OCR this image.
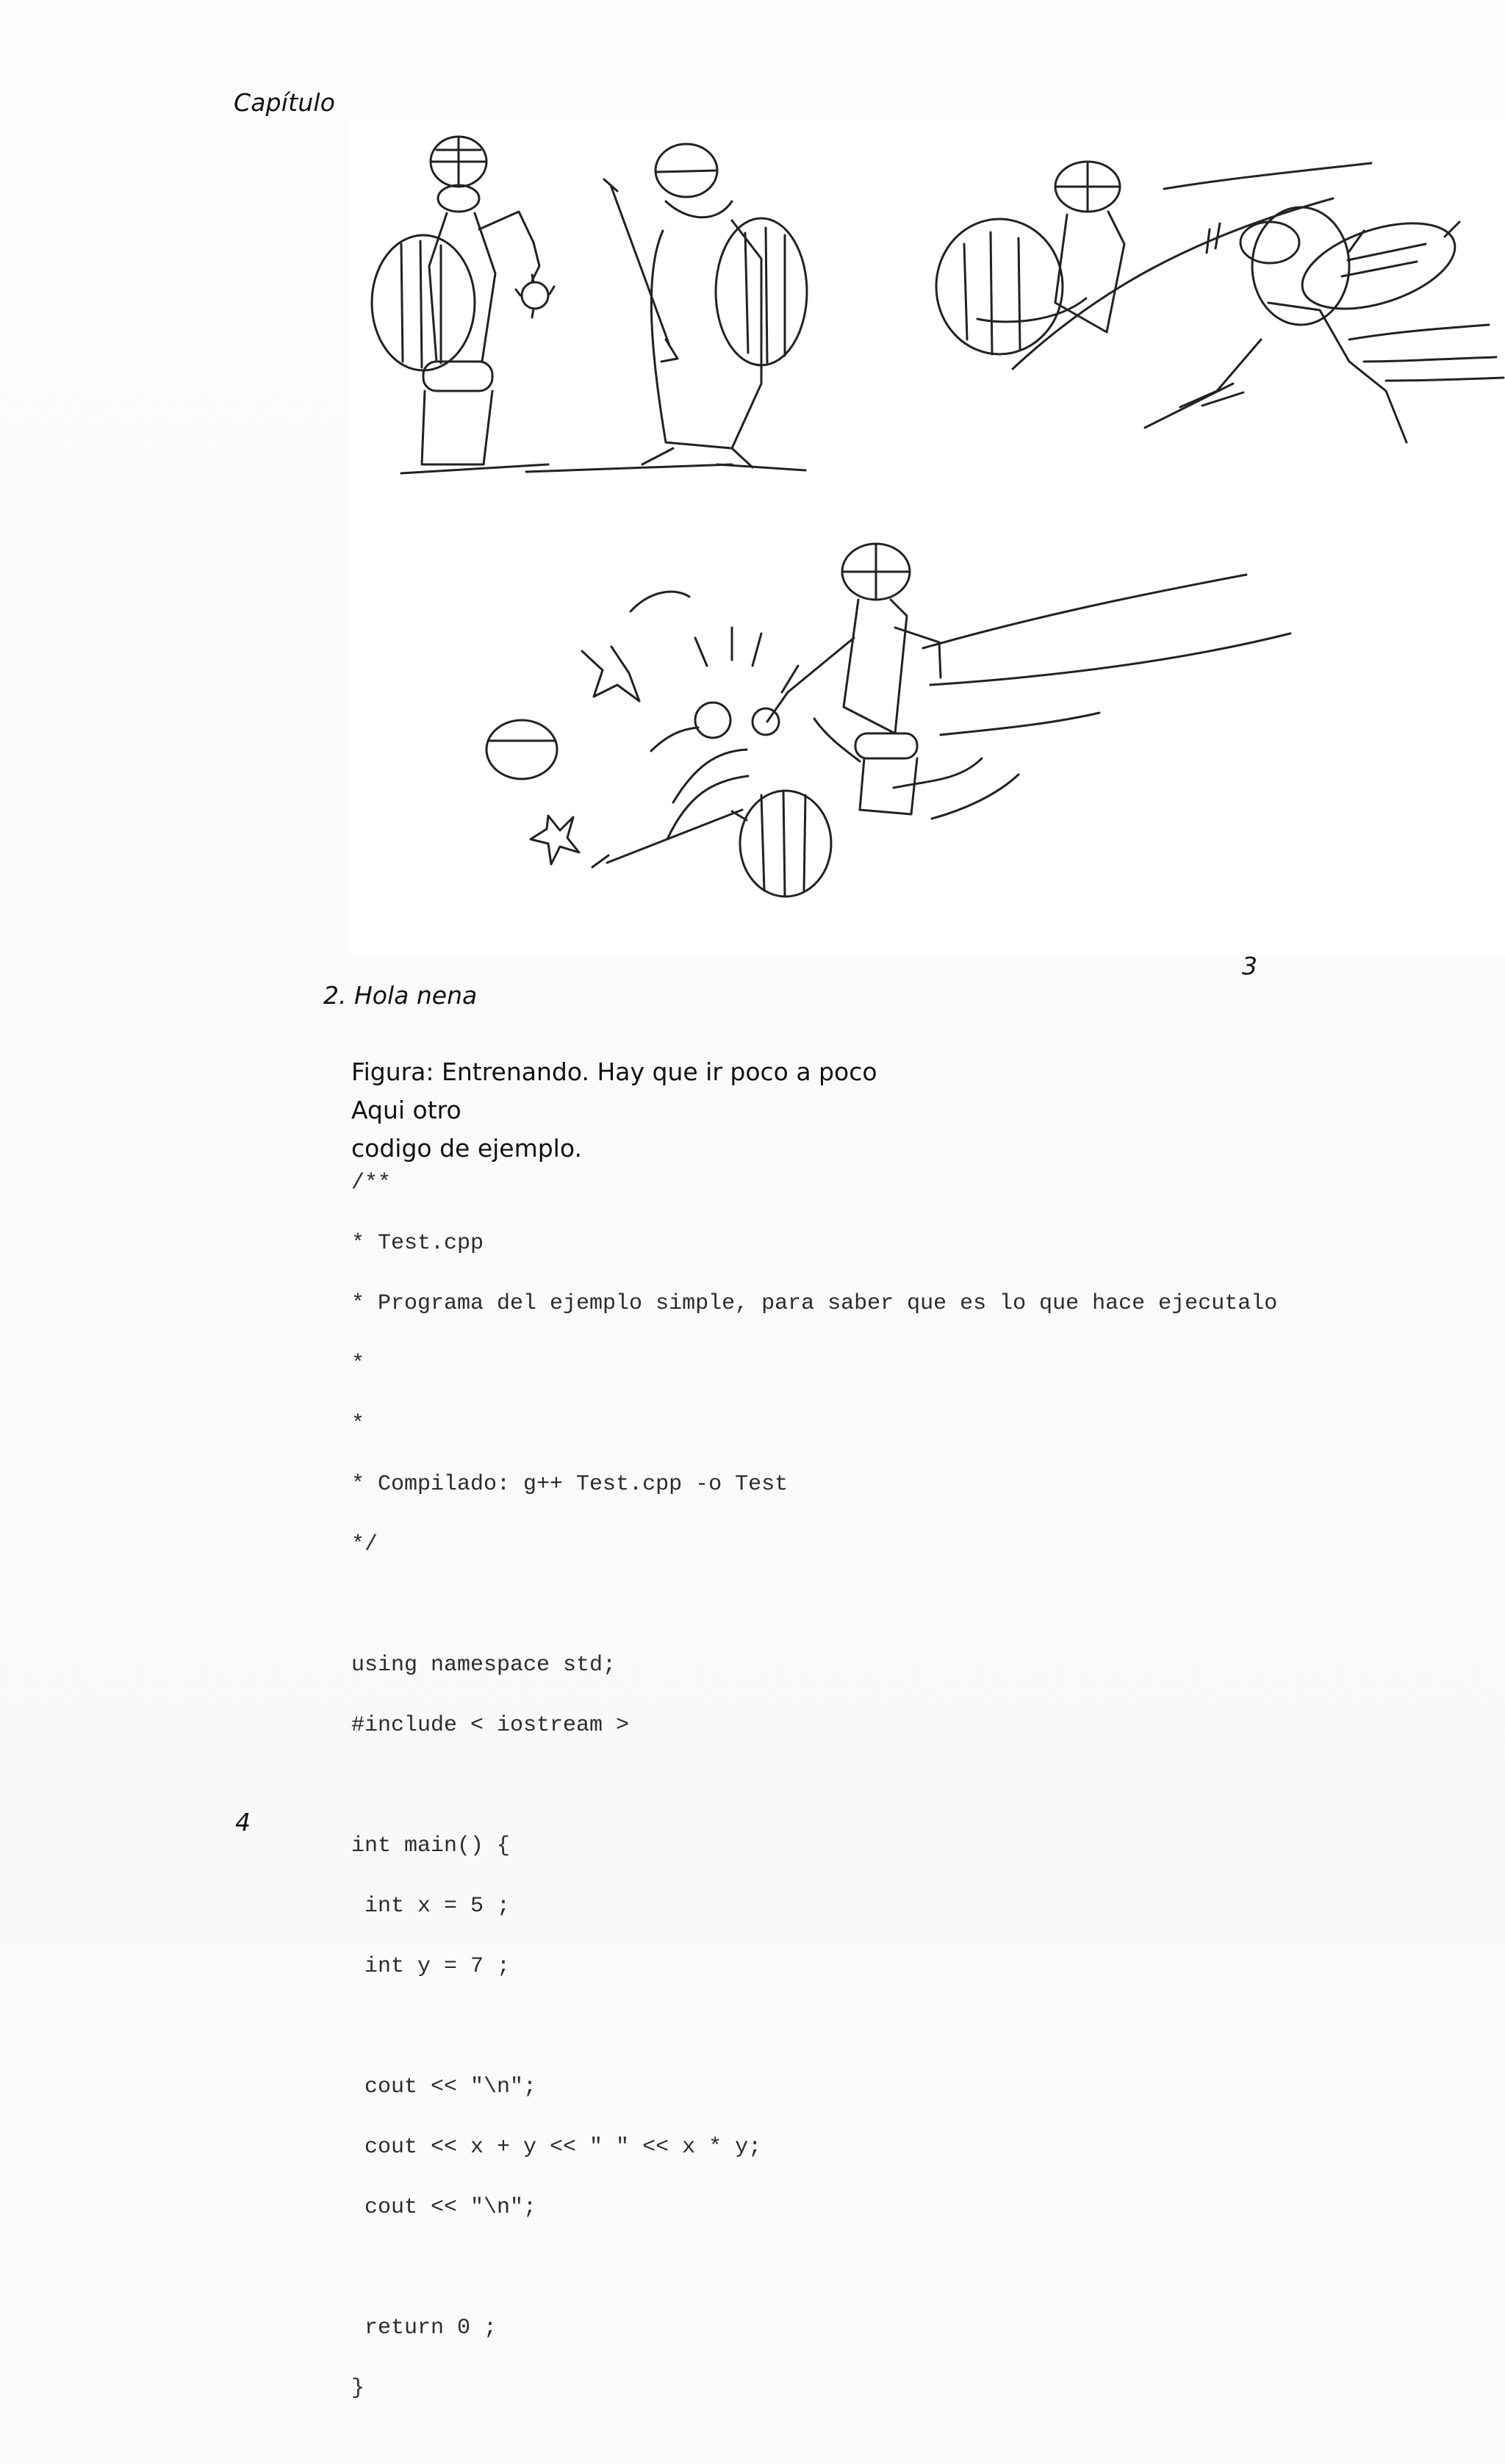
Capítulo
3
2. Hola nena
Figura: Entrenando. Hay que ir poco a poco Aqui otro
codigo de ejemplo.
/**

* Test.cpp

* Programa del ejemplo simple, para saber que es lo que hace ejecutalo

*

*

* Compilado: g++ Test.cpp -o Test

*/

using namespace std;

#include < iostream >

int main() {

int x = 5 ;

int y = 7 ;

cout << "\n";

cout << x + y << " " << x * y;

cout << "\n";

return 0 ;

}

4
